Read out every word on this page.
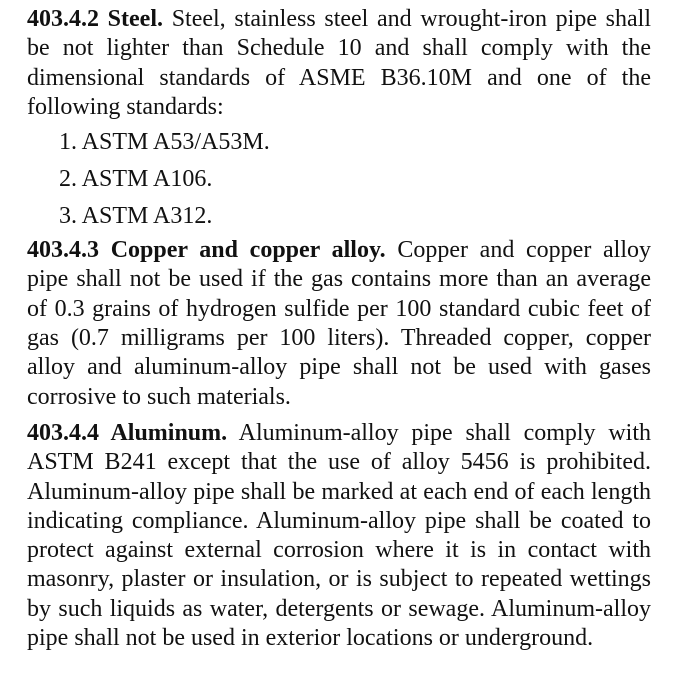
403.4.2 Steel. Steel, stainless steel and wrought-iron pipe shall be not lighter than Schedule 10 and shall comply with the dimensional standards of ASME B36.10M and one of the following standards:

1. ASTM A53/A53M.
2. ASTM A106.
3. ASTM A312.

403.4.3 Copper and copper alloy. Copper and copper alloy pipe shall not be used if the gas contains more than an average of 0.3 grains of hydrogen sulfide per 100 standard cubic feet of gas (0.7 milligrams per 100 liters). Threaded copper, copper alloy and aluminum-alloy pipe shall not be used with gases corrosive to such materials.

403.4.4 Aluminum. Aluminum-alloy pipe shall comply with ASTM B241 except that the use of alloy 5456 is prohibited. Aluminum-alloy pipe shall be marked at each end of each length indicating compliance. Aluminum-alloy pipe shall be coated to protect against external corrosion where it is in contact with masonry, plaster or insulation, or is subject to repeated wettings by such liquids as water, detergents or sewage. Aluminum-alloy pipe shall not be used in exterior locations or underground.
